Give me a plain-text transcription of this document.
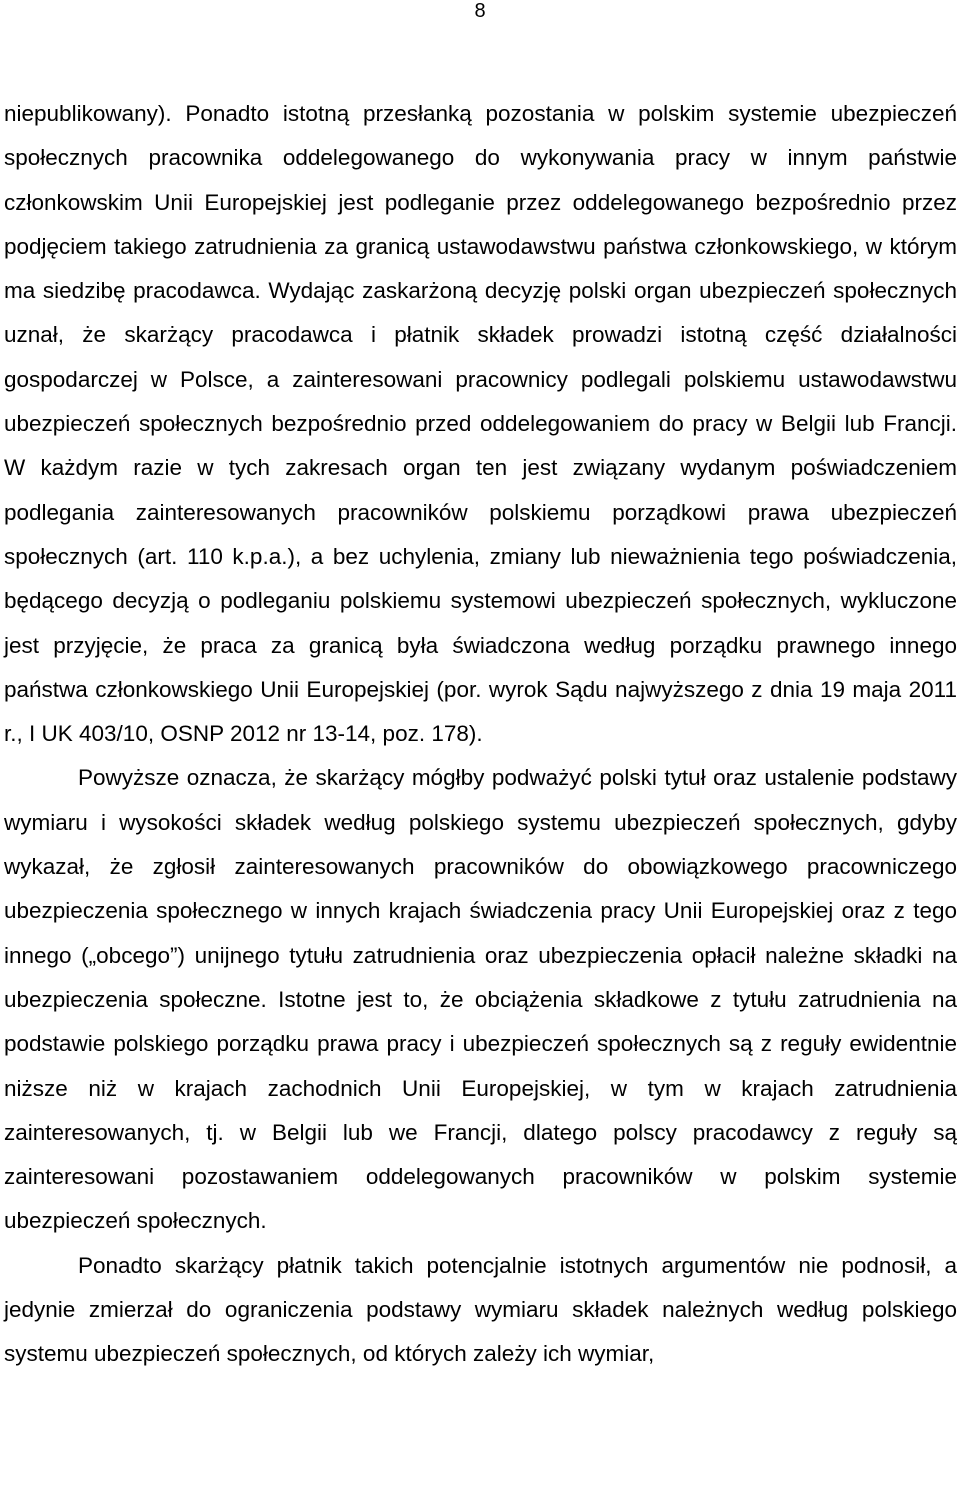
8

niepublikowany). Ponadto istotną przesłanką pozostania w polskim systemie ubezpieczeń społecznych pracownika oddelegowanego do wykonywania pracy w innym państwie członkowskim Unii Europejskiej jest podleganie przez oddelegowanego bezpośrednio przez podjęciem takiego zatrudnienia za granicą ustawodawstwu państwa członkowskiego, w którym ma siedzibę pracodawca. Wydając zaskarżoną decyzję polski organ ubezpieczeń społecznych uznał, że skarżący pracodawca i płatnik składek prowadzi istotną część działalności gospodarczej w Polsce, a zainteresowani pracownicy podlegali polskiemu ustawodawstwu ubezpieczeń społecznych bezpośrednio przed oddelegowaniem do pracy w Belgii lub Francji. W każdym razie w tych zakresach organ ten jest związany wydanym poświadczeniem podlegania zainteresowanych pracowników polskiemu porządkowi prawa ubezpieczeń społecznych (art. 110 k.p.a.), a bez uchylenia, zmiany lub nieważnienia tego poświadczenia, będącego decyzją o podleganiu polskiemu systemowi ubezpieczeń społecznych, wykluczone jest przyjęcie, że praca za granicą była świadczona według porządku prawnego innego państwa członkowskiego Unii Europejskiej (por. wyrok Sądu najwyższego z dnia 19 maja 2011 r., I UK 403/10, OSNP 2012 nr 13-14, poz. 178).

Powyższe oznacza, że skarżący mógłby podważyć polski tytuł oraz ustalenie podstawy wymiaru i wysokości składek według polskiego systemu ubezpieczeń społecznych, gdyby wykazał, że zgłosił zainteresowanych pracowników do obowiązkowego pracowniczego ubezpieczenia społecznego w innych krajach świadczenia pracy Unii Europejskiej oraz z tego innego („obcego”) unijnego tytułu zatrudnienia oraz ubezpieczenia opłacił należne składki na ubezpieczenia społeczne. Istotne jest to, że obciążenia składkowe z tytułu zatrudnienia na podstawie polskiego porządku prawa pracy i ubezpieczeń społecznych są z reguły ewidentnie niższe niż w krajach zachodnich Unii Europejskiej, w tym w krajach zatrudnienia zainteresowanych, tj. w Belgii lub we Francji, dlatego polscy pracodawcy z reguły są zainteresowani pozostawaniem oddelegowanych pracowników w polskim systemie ubezpieczeń społecznych.

Ponadto skarżący płatnik takich potencjalnie istotnych argumentów nie podnosił, a jedynie zmierzał do ograniczenia podstawy wymiaru składek należnych według polskiego systemu ubezpieczeń społecznych, od których zależy ich wymiar,
